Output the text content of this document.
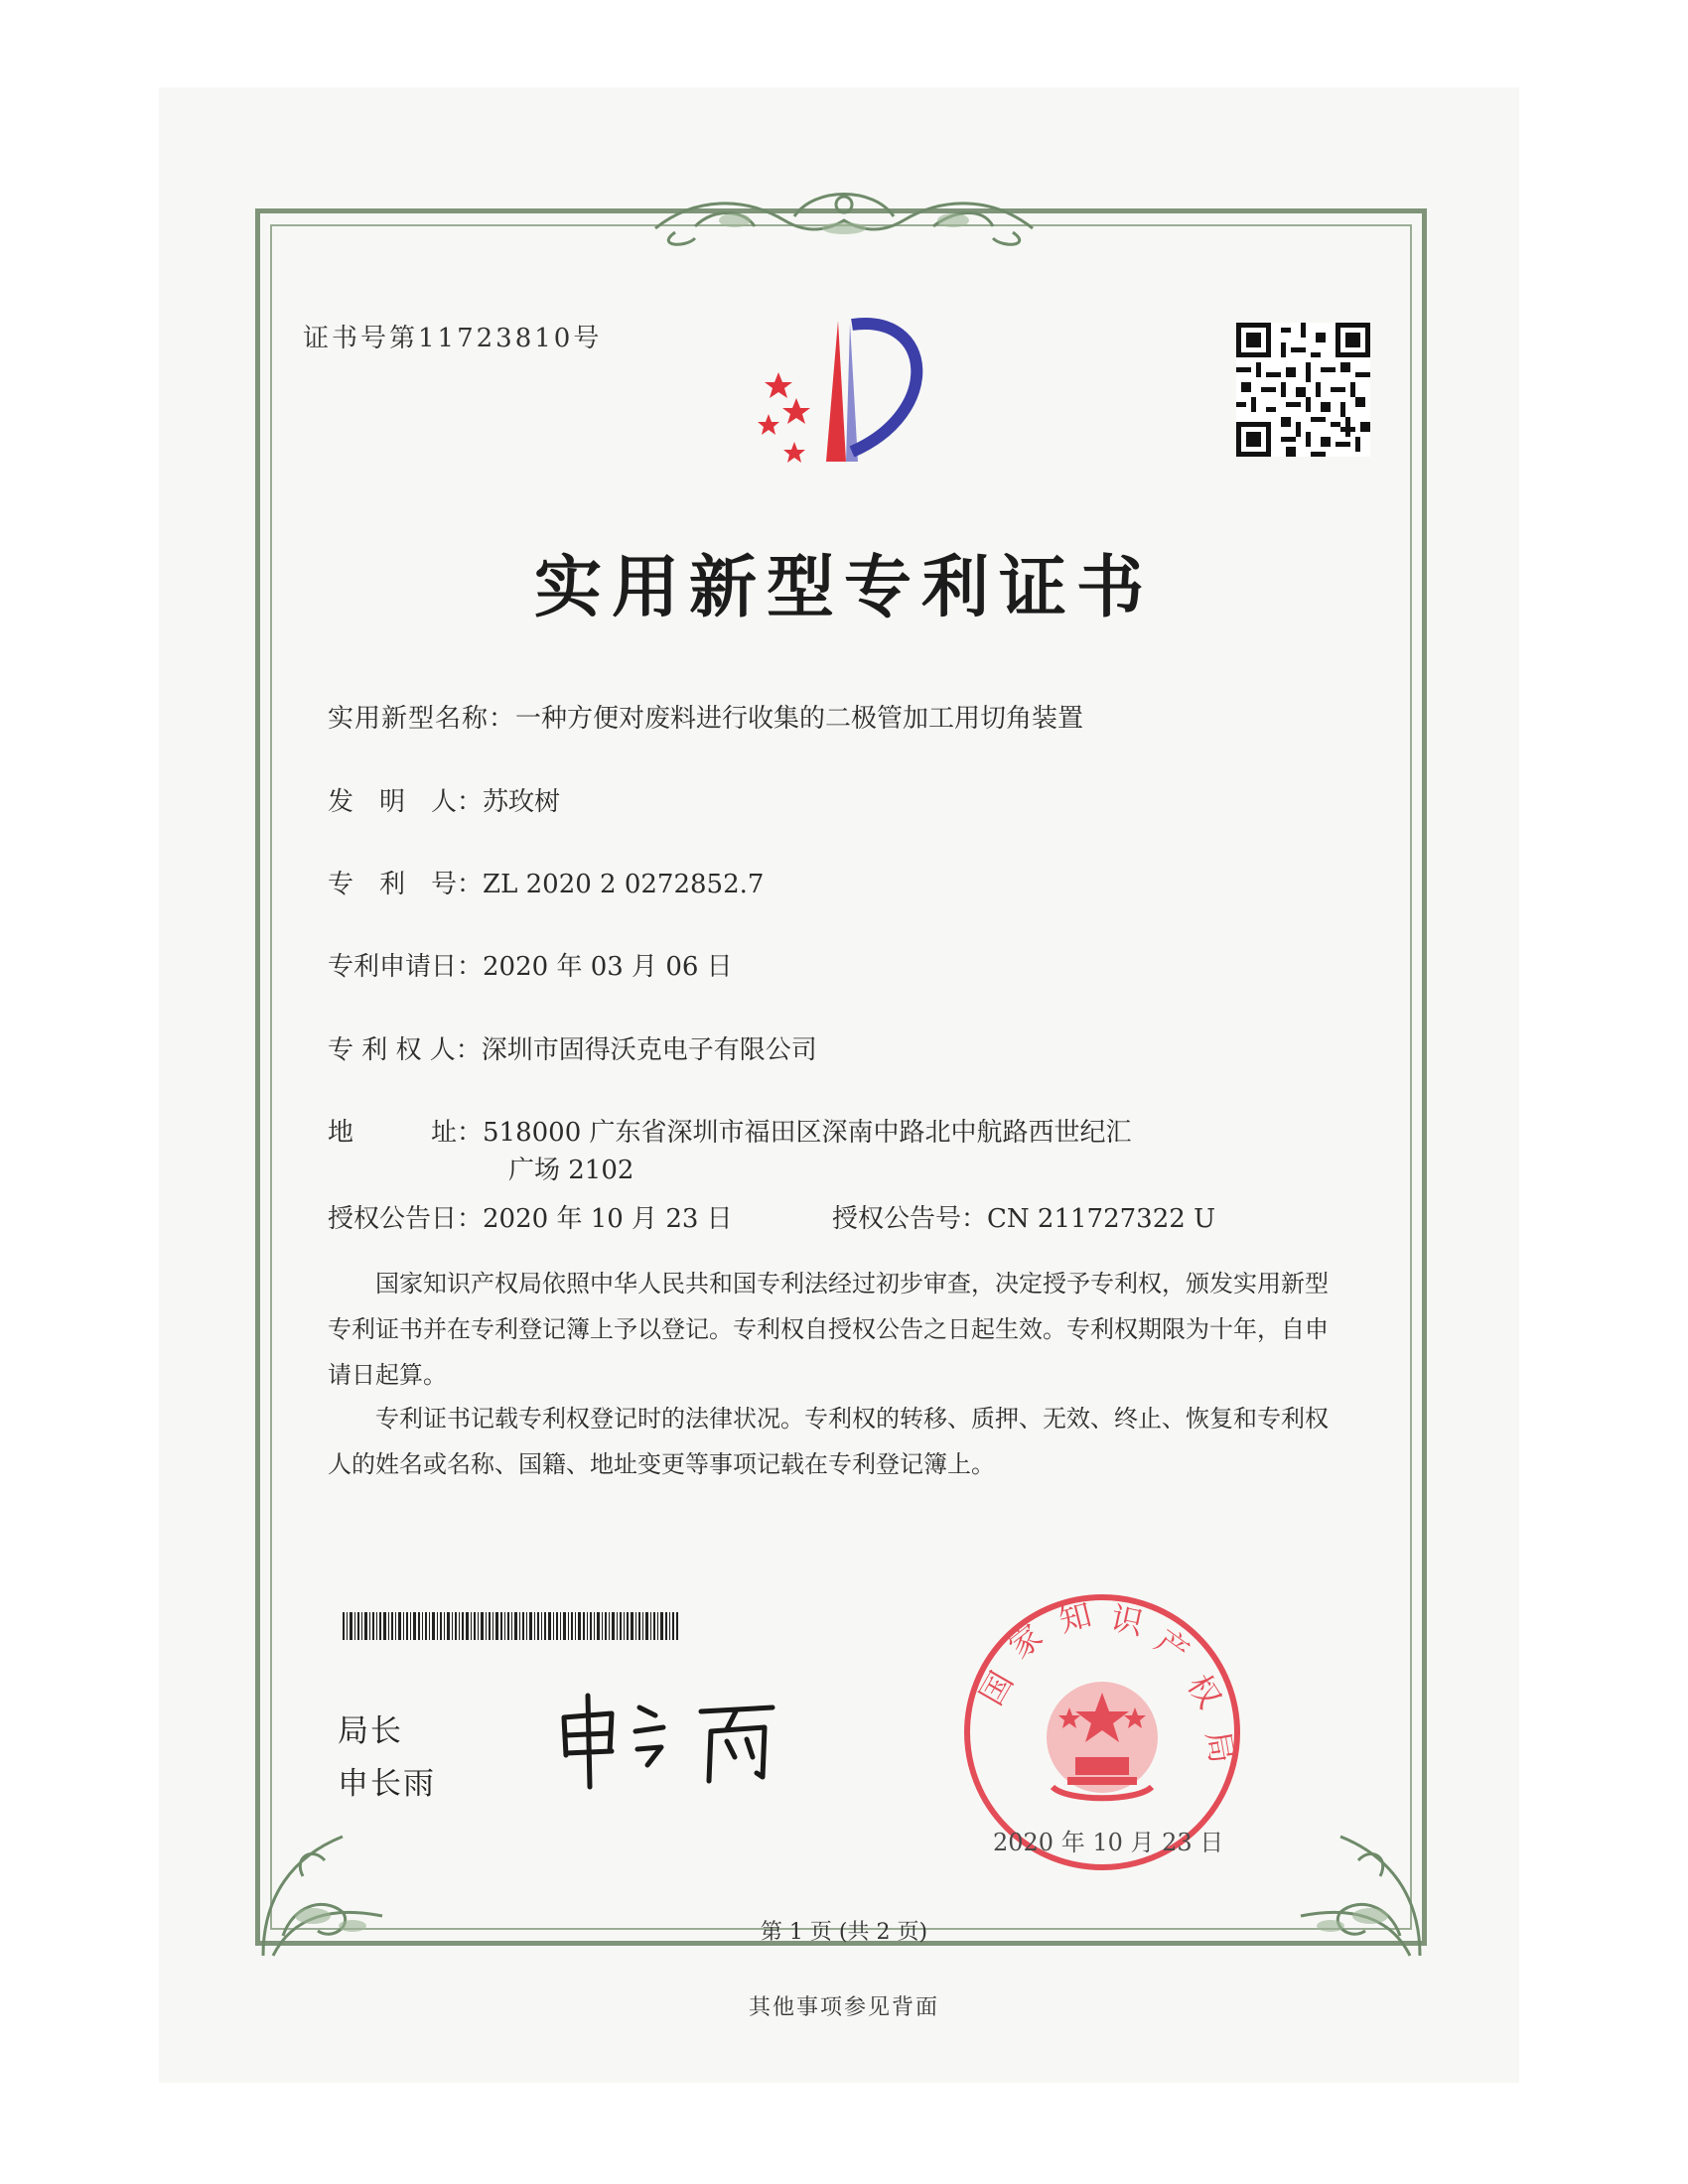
证书号第11723810号
实用新型专利证书
实用新型名称：一种方便对废料进行收集的二极管加工用切角装置
发　明　人：苏玫树
专　利　号：ZL 2020 2 0272852.7
专利申请日：2020 年 03 月 06 日
专 利 权 人：深圳市固得沃克电子有限公司
地　　　址：518000 广东省深圳市福田区深南中路北中航路西世纪汇
广场 2102
授权公告日：2020 年 10 月 23 日	授权公告号：CN 211727322 U
国家知识产权局依照中华人民共和国专利法经过初步审查，决定授予专利权，颁发实用新型专利证书并在专利登记簿上予以登记。专利权自授权公告之日起生效。专利权期限为十年，自申请日起算。
专利证书记载专利权登记时的法律状况。专利权的转移、质押、无效、终止、恢复和专利权人的姓名或名称、国籍、地址变更等事项记载在专利登记簿上。
局长
申长雨
国
家 知 识
产
权
局
2020 年 10 月 23 日
第 1 页 (共 2 页)
其他事项参见背面
